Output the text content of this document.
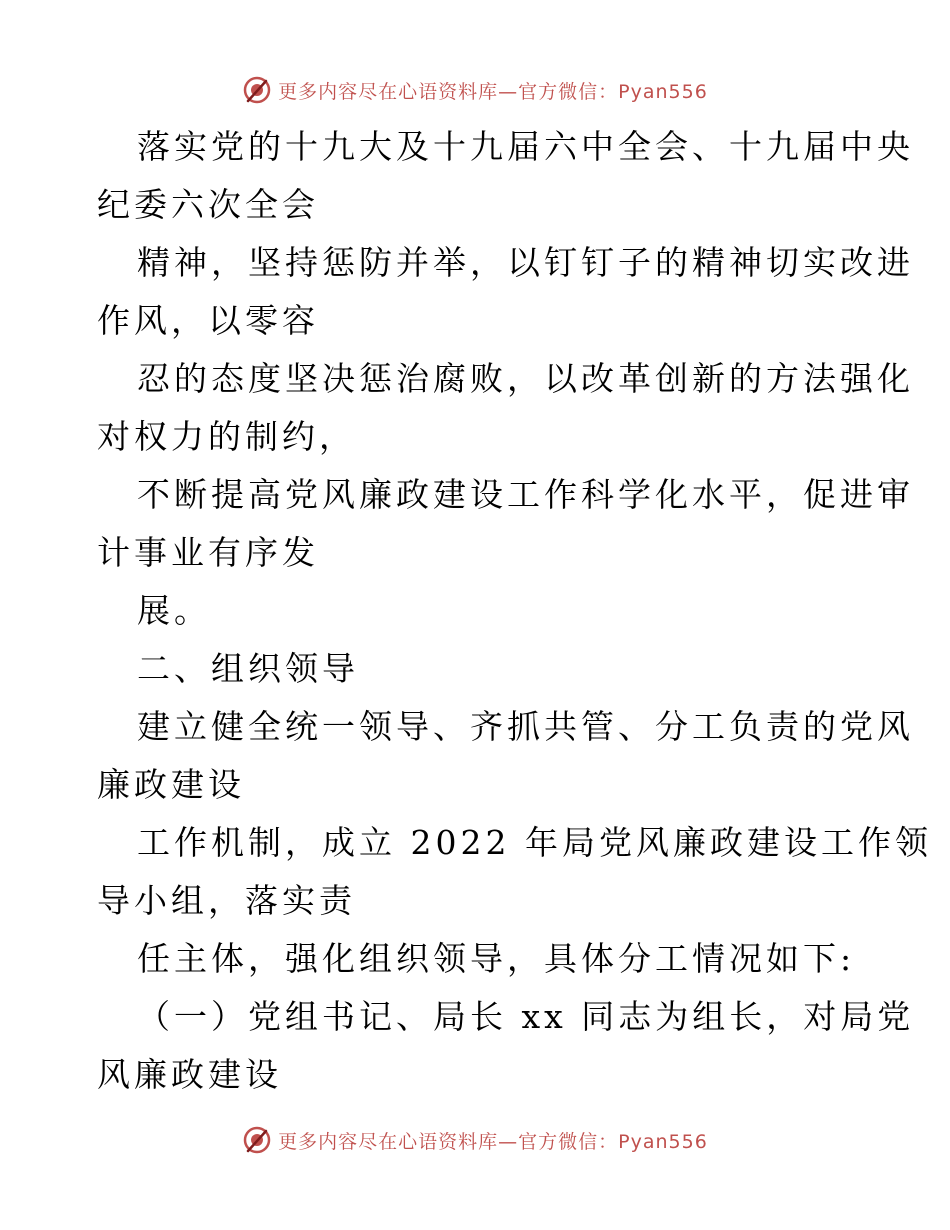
更多内容尽在心语资料库—官方微信：Pyan556
落实党的十九大及十九届六中全会、十九届中央
纪委六次全会
精神，坚持惩防并举，以钉钉子的精神切实改进
作风，以零容
忍的态度坚决惩治腐败，以改革创新的方法强化
对权力的制约，
不断提高党风廉政建设工作科学化水平，促进审
计事业有序发
展。
二、组织领导
建立健全统一领导、齐抓共管、分工负责的党风
廉政建设
工作机制，成立 2022 年局党风廉政建设工作领
导小组，落实责
任主体，强化组织领导，具体分工情况如下:
（一）党组书记、局长 xx 同志为组长，对局党
风廉政建设
更多内容尽在心语资料库—官方微信：Pyan556
